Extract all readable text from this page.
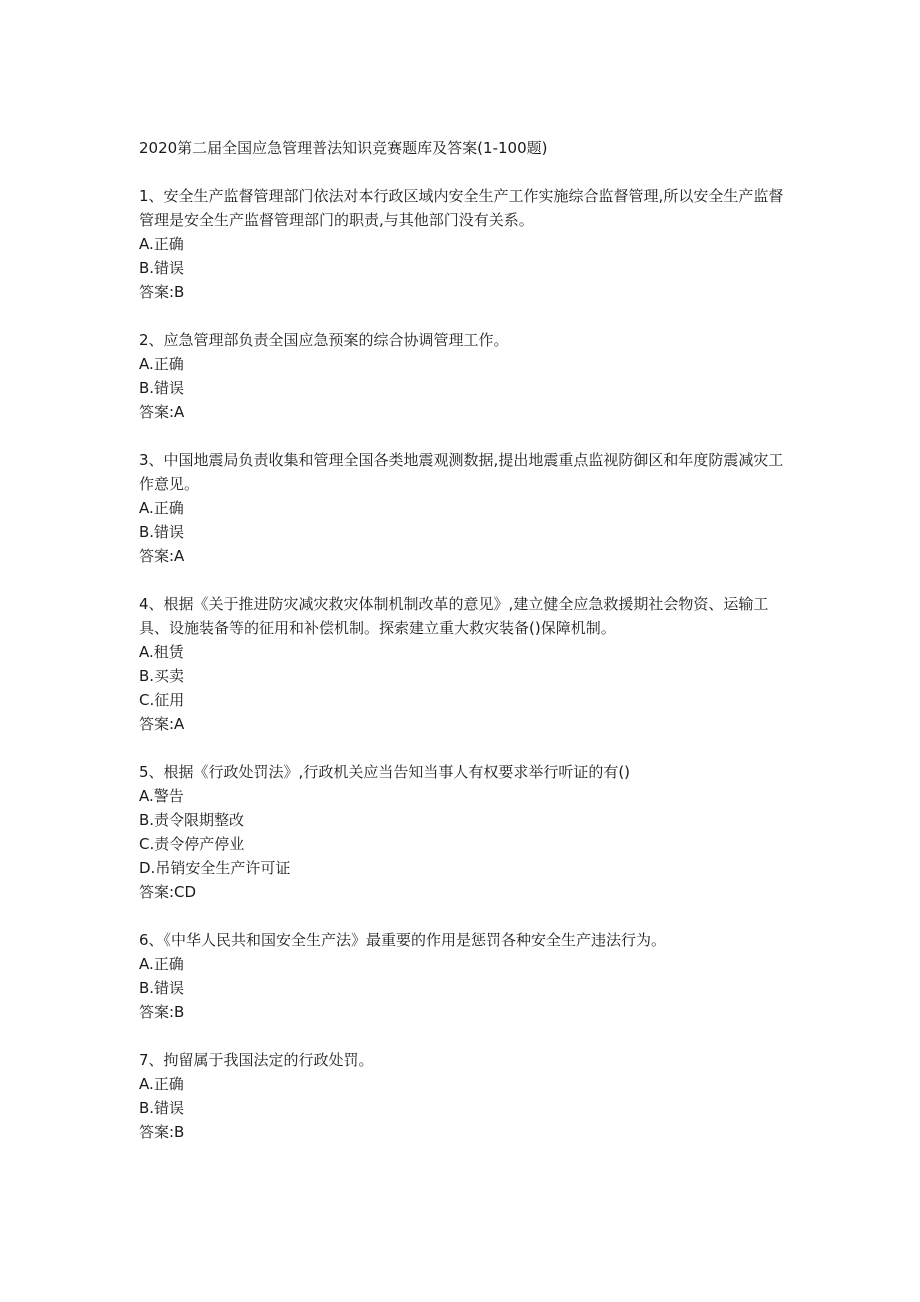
2020第二届全国应急管理普法知识竞赛题库及答案(1-100题)

1、安全生产监督管理部门依法对本行政区域内安全生产工作实施综合监督管理,所以安全生产监督管理是安全生产监督管理部门的职责,与其他部门没有关系。

A.正确

B.错误

答案:B

2、应急管理部负责全国应急预案的综合协调管理工作。

A.正确

B.错误

答案:A

3、中国地震局负责收集和管理全国各类地震观测数据,提出地震重点监视防御区和年度防震减灾工作意见。

A.正确

B.错误

答案:A

4、根据《关于推进防灾减灾救灾体制机制改革的意见》,建立健全应急救援期社会物资、运输工具、设施装备等的征用和补偿机制。探索建立重大救灾装备()保障机制。

A.租赁

B.买卖

C.征用

答案:A

5、根据《行政处罚法》,行政机关应当告知当事人有权要求举行听证的有()

A.警告

B.责令限期整改

C.责令停产停业

D.吊销安全生产许可证

答案:CD

6、《中华人民共和国安全生产法》最重要的作用是惩罚各种安全生产违法行为。

A.正确

B.错误

答案:B

7、拘留属于我国法定的行政处罚。

A.正确

B.错误

答案:B
